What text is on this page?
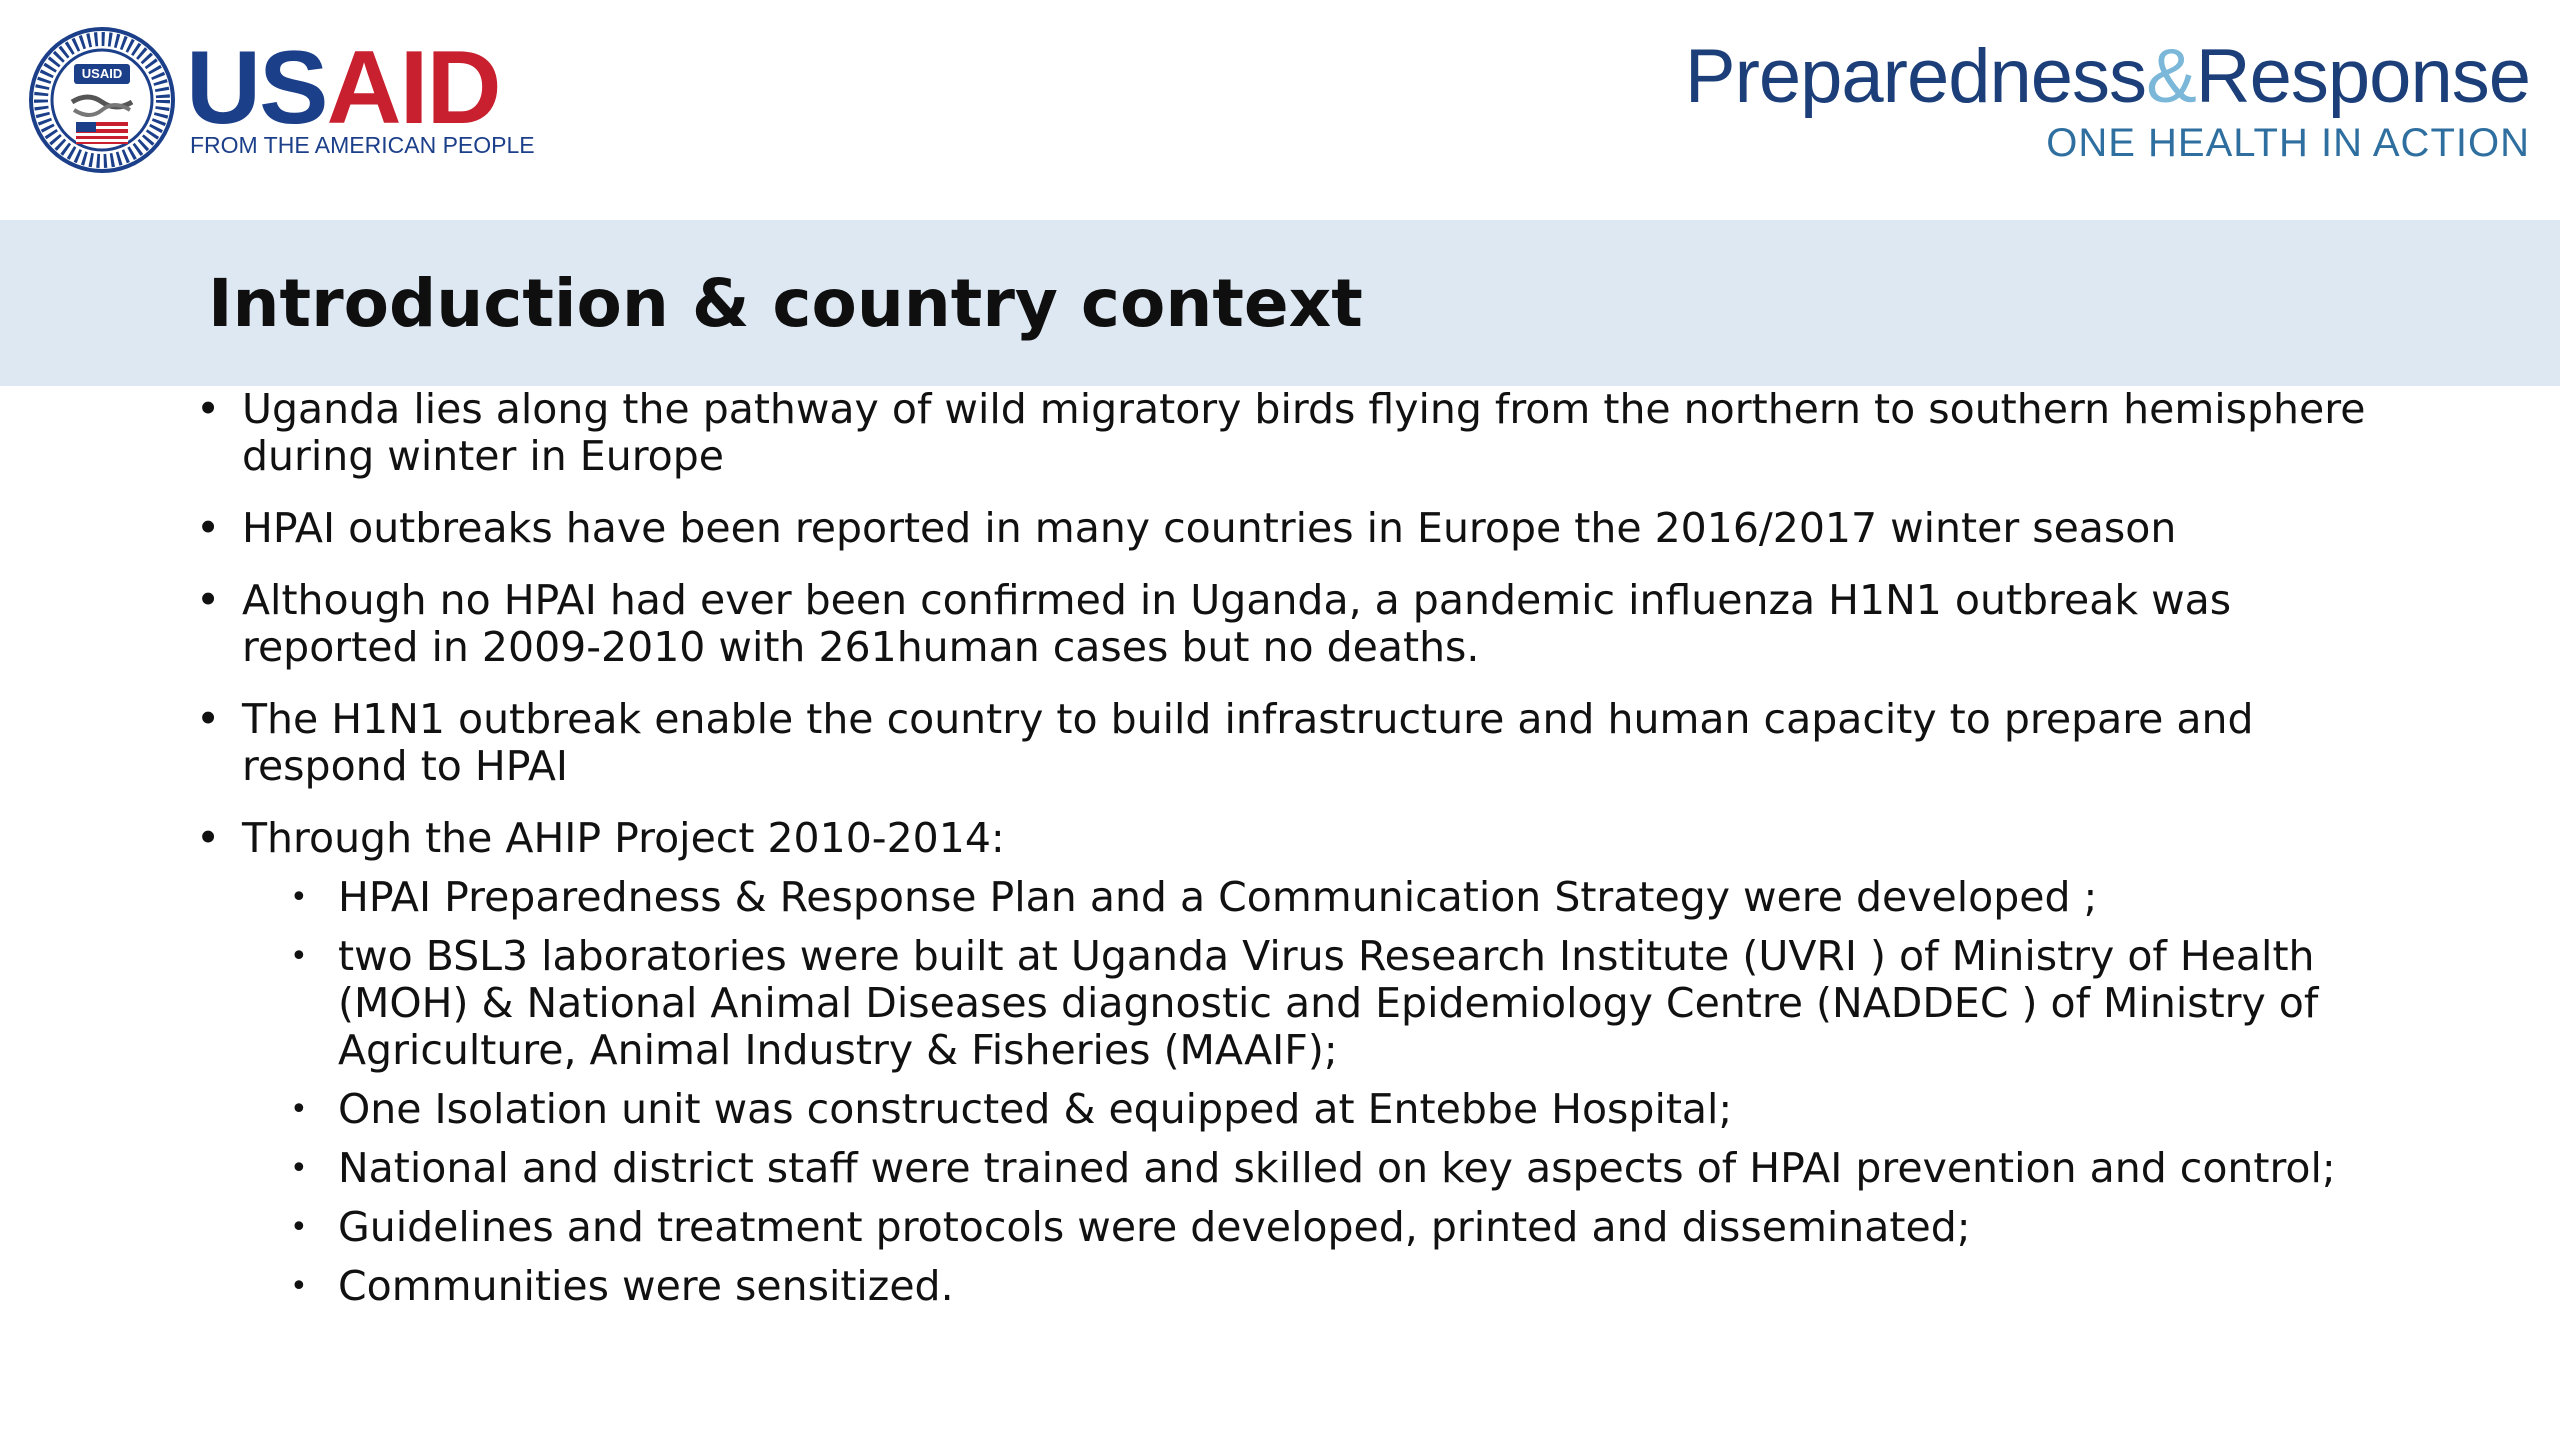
USAID USAID
FROM THE AMERICAN PEOPLE
Preparedness&Response
ONE HEALTH IN ACTION
Introduction & country context
• Uganda lies along the pathway of wild migratory birds flying from the northern to southern hemisphere during winter in Europe
• HPAI outbreaks have been reported in many countries in Europe the 2016/2017 winter season
• Although no HPAI had ever been confirmed in Uganda, a pandemic influenza H1N1 outbreak was reported in 2009-2010 with 261human cases but no deaths.
• The H1N1 outbreak enable the country to build infrastructure and human capacity to prepare and respond to HPAI
• Through the AHIP Project 2010-2014:
• HPAI Preparedness & Response Plan and a Communication Strategy were developed ;
• two BSL3 laboratories were built at Uganda Virus Research Institute (UVRI ) of Ministry of Health (MOH) & National Animal Diseases diagnostic and Epidemiology Centre (NADDEC ) of Ministry of Agriculture, Animal Industry & Fisheries (MAAIF);
• One Isolation unit was constructed & equipped at Entebbe Hospital;
• National and district staff were trained and skilled on key aspects of HPAI prevention and control;
• Guidelines and treatment protocols were developed, printed and disseminated;
• Communities were sensitized.
